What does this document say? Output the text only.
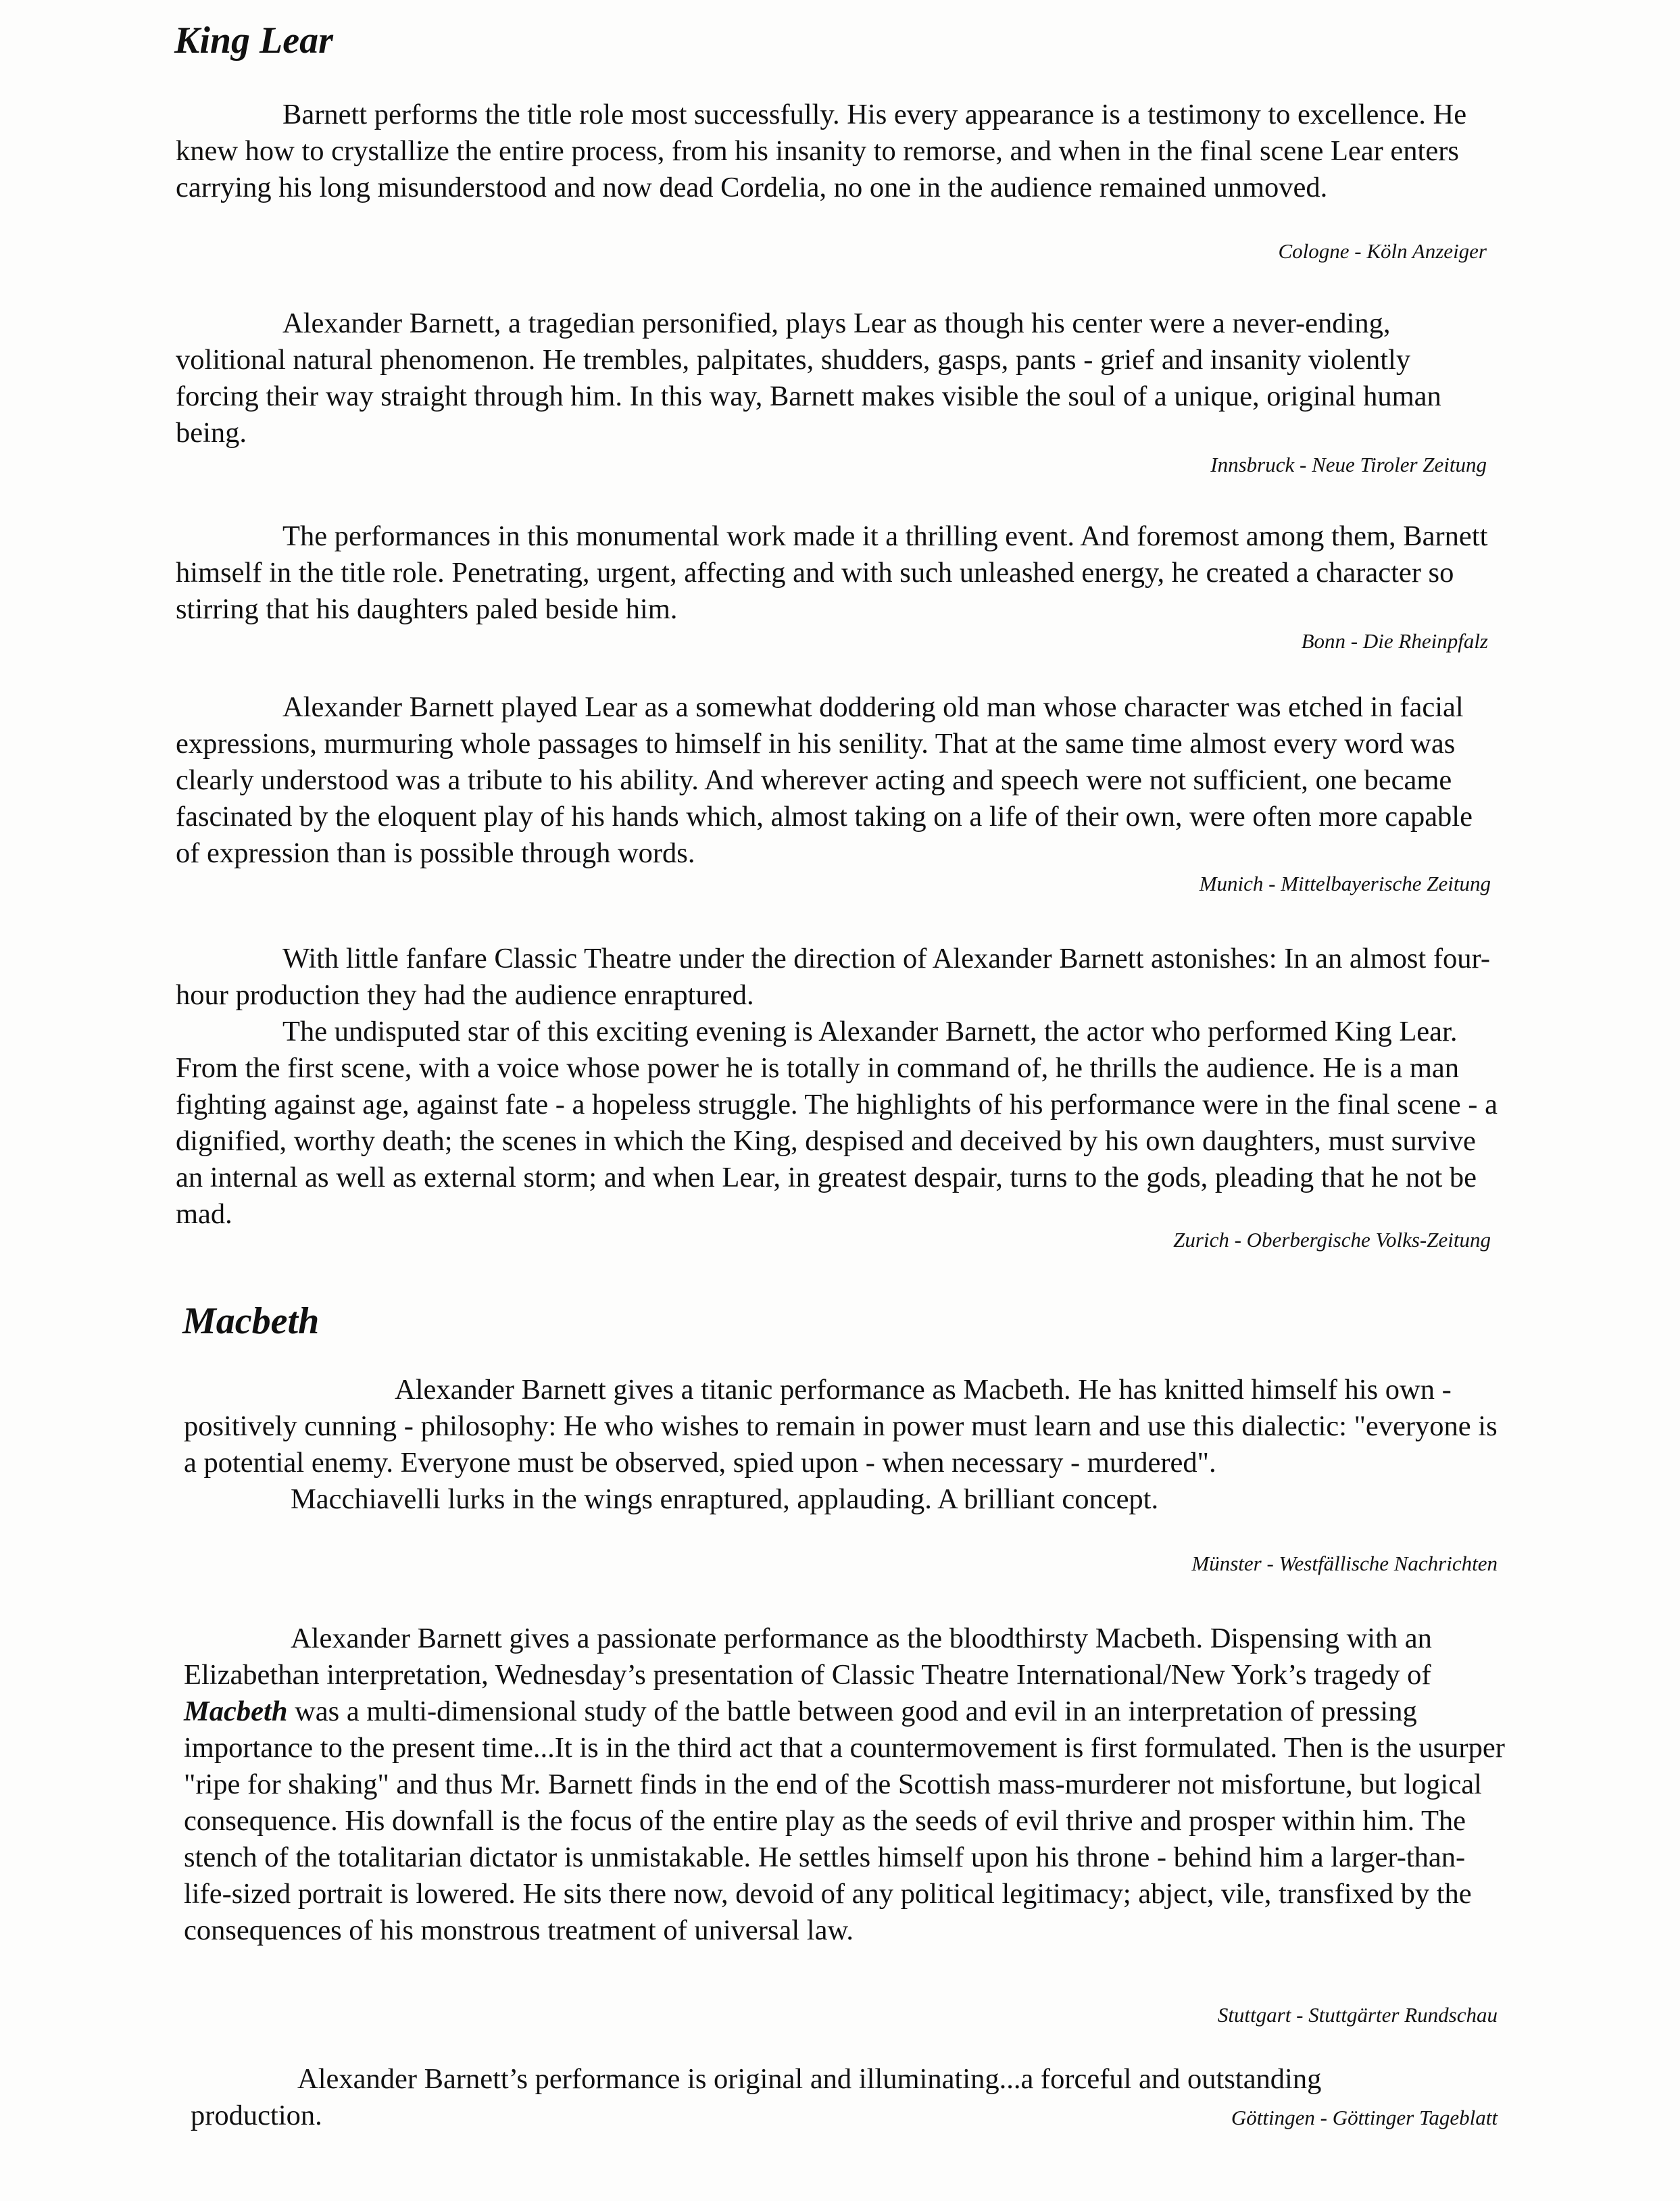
King Lear

Barnett performs the title role most successfully. His every appearance is a testimony to excellence. He knew how to crystallize the entire process, from his insanity to remorse, and when in the final scene Lear enters carrying his long misunderstood and now dead Cordelia, no one in the audience remained unmoved.

Cologne - Köln Anzeiger

Alexander Barnett, a tragedian personified, plays Lear as though his center were a never-ending, volitional natural phenomenon. He trembles, palpitates, shudders, gasps, pants - grief and insanity violently forcing their way straight through him. In this way, Barnett makes visible the soul of a unique, original human being.

Innsbruck - Neue Tiroler Zeitung

The performances in this monumental work made it a thrilling event. And foremost among them, Barnett himself in the title role. Penetrating, urgent, affecting and with such unleashed energy, he created a character so stirring that his daughters paled beside him.

Bonn - Die Rheinpfalz

Alexander Barnett played Lear as a somewhat doddering old man whose character was etched in facial expressions, murmuring whole passages to himself in his senility. That at the same time almost every word was clearly understood was a tribute to his ability. And wherever acting and speech were not sufficient, one became fascinated by the eloquent play of his hands which, almost taking on a life of their own, were often more capable of expression than is possible through words.

Munich - Mittelbayerische Zeitung

With little fanfare Classic Theatre under the direction of Alexander Barnett astonishes: In an almost four-hour production they had the audience enraptured.

The undisputed star of this exciting evening is Alexander Barnett, the actor who performed King Lear. From the first scene, with a voice whose power he is totally in command of, he thrills the audience. He is a man fighting against age, against fate - a hopeless struggle. The highlights of his performance were in the final scene - a dignified, worthy death; the scenes in which the King, despised and deceived by his own daughters, must survive an internal as well as external storm; and when Lear, in greatest despair, turns to the gods, pleading that he not be mad.

Zurich - Oberbergische Volks-Zeitung
Macbeth

Alexander Barnett gives a titanic performance as Macbeth. He has knitted himself his own - positively cunning - philosophy: He who wishes to remain in power must learn and use this dialectic: "everyone is a potential enemy. Everyone must be observed, spied upon - when necessary - murdered".

Macchiavelli lurks in the wings enraptured, applauding. A brilliant concept.

Münster - Westfällische Nachrichten

Alexander Barnett gives a passionate performance as the bloodthirsty Macbeth. Dispensing with an Elizabethan interpretation, Wednesday’s presentation of Classic Theatre International/New York’s tragedy of Macbeth was a multi-dimensional study of the battle between good and evil in an interpretation of pressing importance to the present time...It is in the third act that a countermovement is first formulated. Then is the usurper "ripe for shaking" and thus Mr. Barnett finds in the end of the Scottish mass-murderer not misfortune, but logical consequence. His downfall is the focus of the entire play as the seeds of evil thrive and prosper within him. The stench of the totalitarian dictator is unmistakable. He settles himself upon his throne - behind him a larger-than-life-sized portrait is lowered. He sits there now, devoid of any political legitimacy; abject, vile, transfixed by the consequences of his monstrous treatment of universal law.

Stuttgart - Stuttgärter Rundschau

Alexander Barnett’s performance is original and illuminating...a forceful and outstanding production.	Göttingen - Göttinger Tageblatt
